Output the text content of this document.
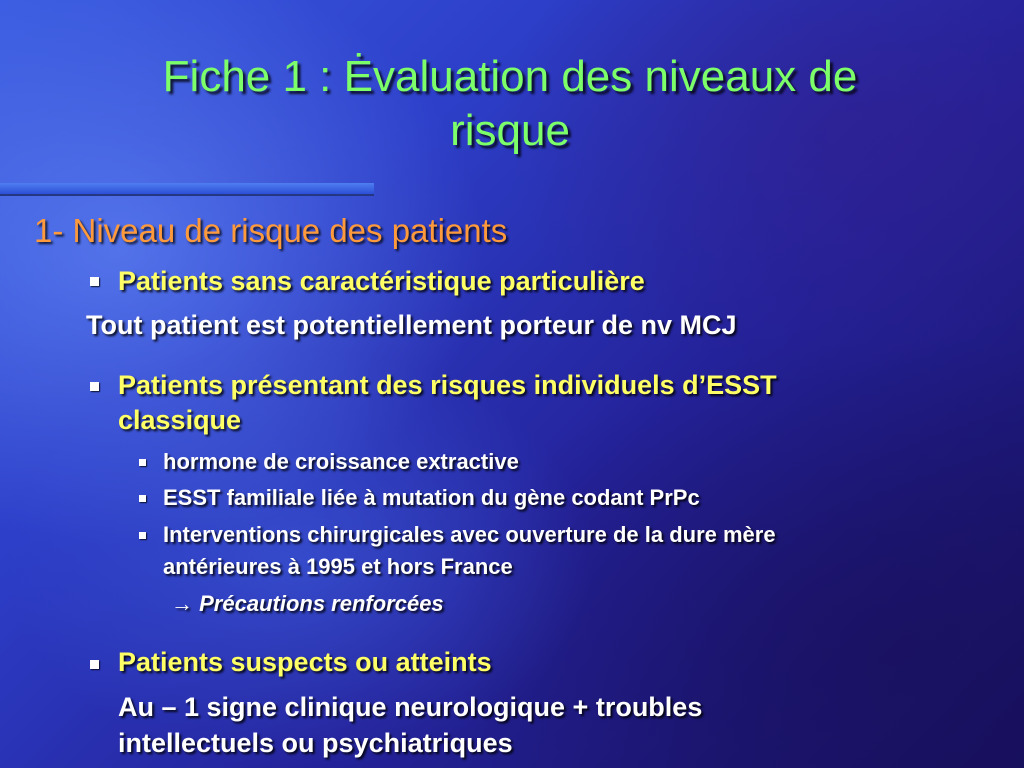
Fiche 1 : Ėvaluation des niveaux de
risque
1- Niveau de risque des patients
Patients sans caractéristique particulière
Tout patient est potentiellement porteur de nv MCJ
Patients présentant des risques individuels d’ESST
classique
hormone de croissance extractive
ESST familiale liée à mutation du gène codant PrPc
Interventions chirurgicales avec ouverture de la dure mère
antérieures à 1995 et hors France
→ Précautions renforcées
Patients suspects ou atteints
Au – 1 signe clinique neurologique + troubles
intellectuels ou psychiatriques
